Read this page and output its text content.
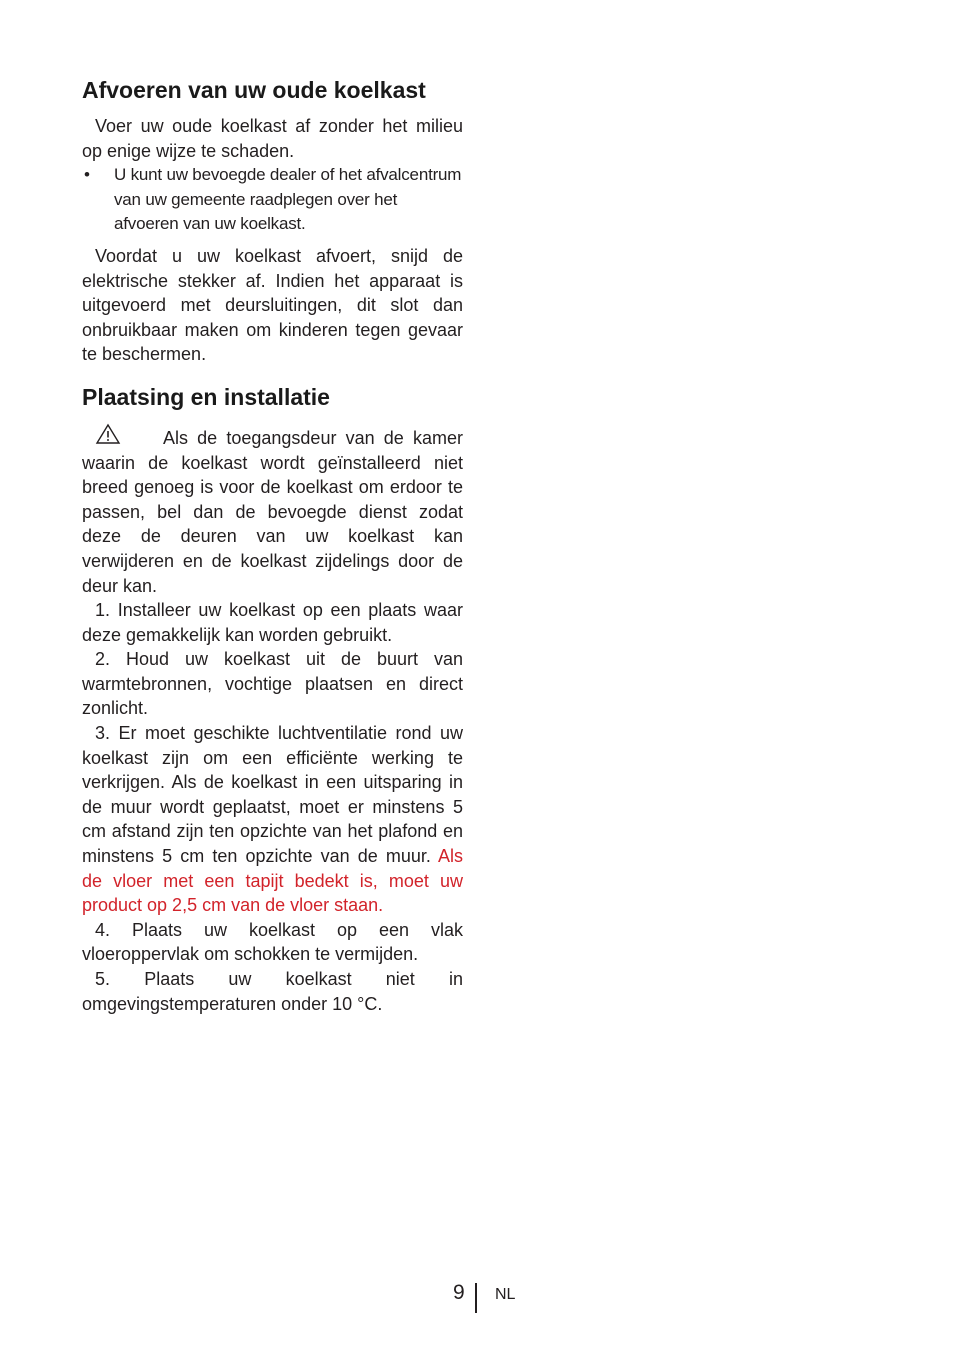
Afvoeren van uw oude koelkast

Voer uw oude koelkast af zonder het milieu op enige wijze te schaden.

• U kunt uw bevoegde dealer of het afvalcentrum van uw gemeente raadplegen over het afvoeren van uw koelkast.

Voordat u uw koelkast afvoert, snijd de elektrische stekker af. Indien het apparaat is uitgevoerd met deursluitingen, dit slot dan onbruikbaar maken om kinderen tegen gevaar te beschermen.

Plaatsing en installatie

Als de toegangsdeur van de kamer waarin de koelkast wordt geïnstalleerd niet breed genoeg is voor de koelkast om erdoor te passen, bel dan de bevoegde dienst zodat deze de deuren van uw koelkast kan verwijderen en de koelkast zijdelings door de deur kan.

1. Installeer uw koelkast op een plaats waar deze gemakkelijk kan worden gebruikt.

2. Houd uw koelkast uit de buurt van warmtebronnen, vochtige plaatsen en direct zonlicht.

3. Er moet geschikte luchtventilatie rond uw koelkast zijn om een efficiënte werking te verkrijgen. Als de koelkast in een uitsparing in de muur wordt geplaatst, moet er minstens 5 cm afstand zijn ten opzichte van het plafond en minstens 5 cm ten opzichte van de muur. Als de vloer met een tapijt bedekt is, moet uw product op 2,5 cm van de vloer staan.

4. Plaats uw koelkast op een vlak vloeroppervlak om schokken te vermijden.

5. Plaats uw koelkast niet in omgevingstemperaturen onder 10 °C.

9 NL
